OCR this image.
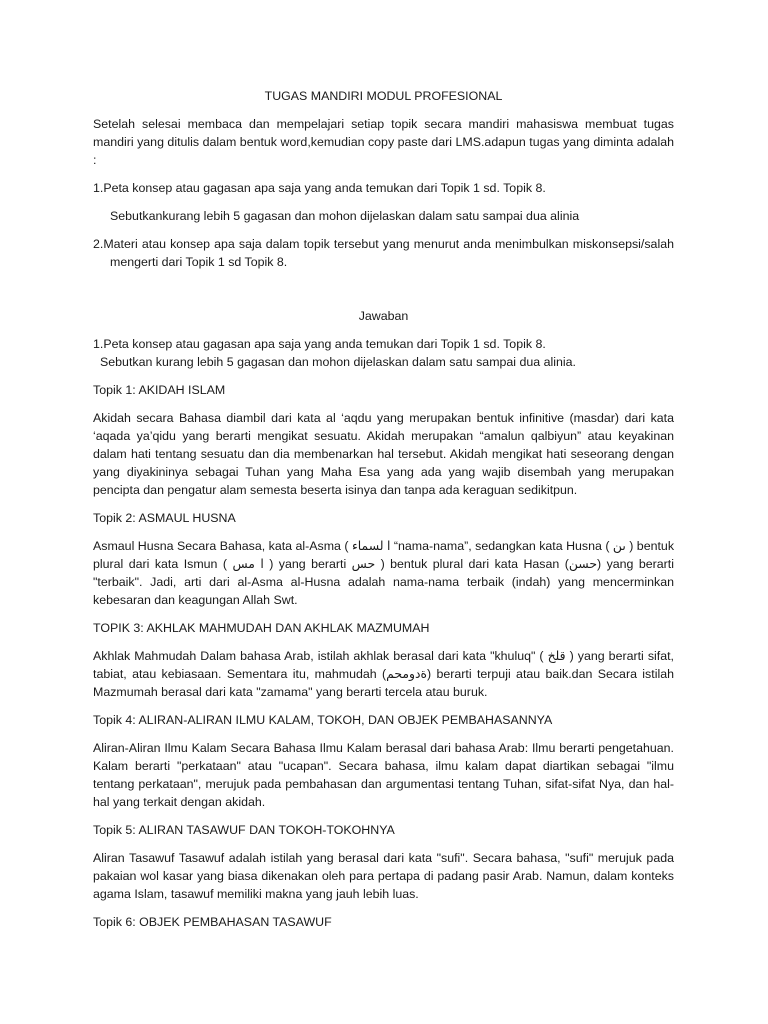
TUGAS MANDIRI MODUL PROFESIONAL

Setelah selesai membaca dan mempelajari setiap topik secara mandiri mahasiswa membuat tugas mandiri yang ditulis dalam bentuk word,kemudian copy paste dari LMS.adapun tugas yang diminta adalah :

1.Peta konsep atau gagasan apa saja yang anda temukan dari Topik 1 sd. Topik 8.

Sebutkankurang lebih 5 gagasan dan mohon dijelaskan dalam satu sampai dua alinia

2.Materi atau konsep apa saja dalam topik tersebut yang menurut anda menimbulkan miskonsepsi/salah mengerti dari Topik 1 sd Topik 8.

Jawaban

1.Peta konsep atau gagasan apa saja yang anda temukan dari Topik 1 sd. Topik 8.

Sebutkan kurang lebih 5 gagasan dan mohon dijelaskan dalam satu sampai dua alinia.

Topik 1: AKIDAH ISLAM

Akidah secara Bahasa diambil dari kata al ‘aqdu yang merupakan bentuk infinitive (masdar) dari kata ‘aqada ya’qidu yang berarti mengikat sesuatu. Akidah merupakan “amalun qalbiyun” atau keyakinan dalam hati tentang sesuatu dan dia membenarkan hal tersebut. Akidah mengikat hati seseorang dengan yang diyakininya sebagai Tuhan yang Maha Esa yang ada yang wajib disembah yang merupakan pencipta dan pengatur alam semesta beserta isinya dan tanpa ada keraguan sedikitpun.

Topik 2: ASMAUL HUSNA

Asmaul Husna Secara Bahasa, kata al-Asma ( ا لسماء “nama-nama”, sedangkan kata Husna ( ىن ) bentuk plural dari kata Ismun ( ا مس ) yang berarti حس ) bentuk plural dari kata Hasan (حسن) yang berarti "terbaik". Jadi, arti dari al-Asma al-Husna adalah nama-nama terbaik (indah) yang mencerminkan kebesaran dan keagungan Allah Swt.

TOPIK 3: AKHLAK MAHMUDAH DAN AKHLAK MAZMUMAH

Akhlak Mahmudah Dalam bahasa Arab, istilah akhlak berasal dari kata "khuluq" ( قلخ ) yang berarti sifat, tabiat, atau kebiasaan. Sementara itu, mahmudah (ةدومحم) berarti terpuji atau baik.dan Secara istilah Mazmumah berasal dari kata "zamama" yang berarti tercela atau buruk.

Topik 4: ALIRAN-ALIRAN ILMU KALAM, TOKOH, DAN OBJEK PEMBAHASANNYA

Aliran-Aliran Ilmu Kalam Secara Bahasa Ilmu Kalam berasal dari bahasa Arab: Ilmu berarti pengetahuan. Kalam berarti "perkataan" atau "ucapan". Secara bahasa, ilmu kalam dapat diartikan sebagai "ilmu tentang perkataan", merujuk pada pembahasan dan argumentasi tentang Tuhan, sifat-sifat Nya, dan hal-hal yang terkait dengan akidah.

Topik 5: ALIRAN TASAWUF DAN TOKOH-TOKOHNYA

Aliran Tasawuf Tasawuf adalah istilah yang berasal dari kata "sufi". Secara bahasa, "sufi" merujuk pada pakaian wol kasar yang biasa dikenakan oleh para pertapa di padang pasir Arab. Namun, dalam konteks agama Islam, tasawuf memiliki makna yang jauh lebih luas.

Topik 6: OBJEK PEMBAHASAN TASAWUF
